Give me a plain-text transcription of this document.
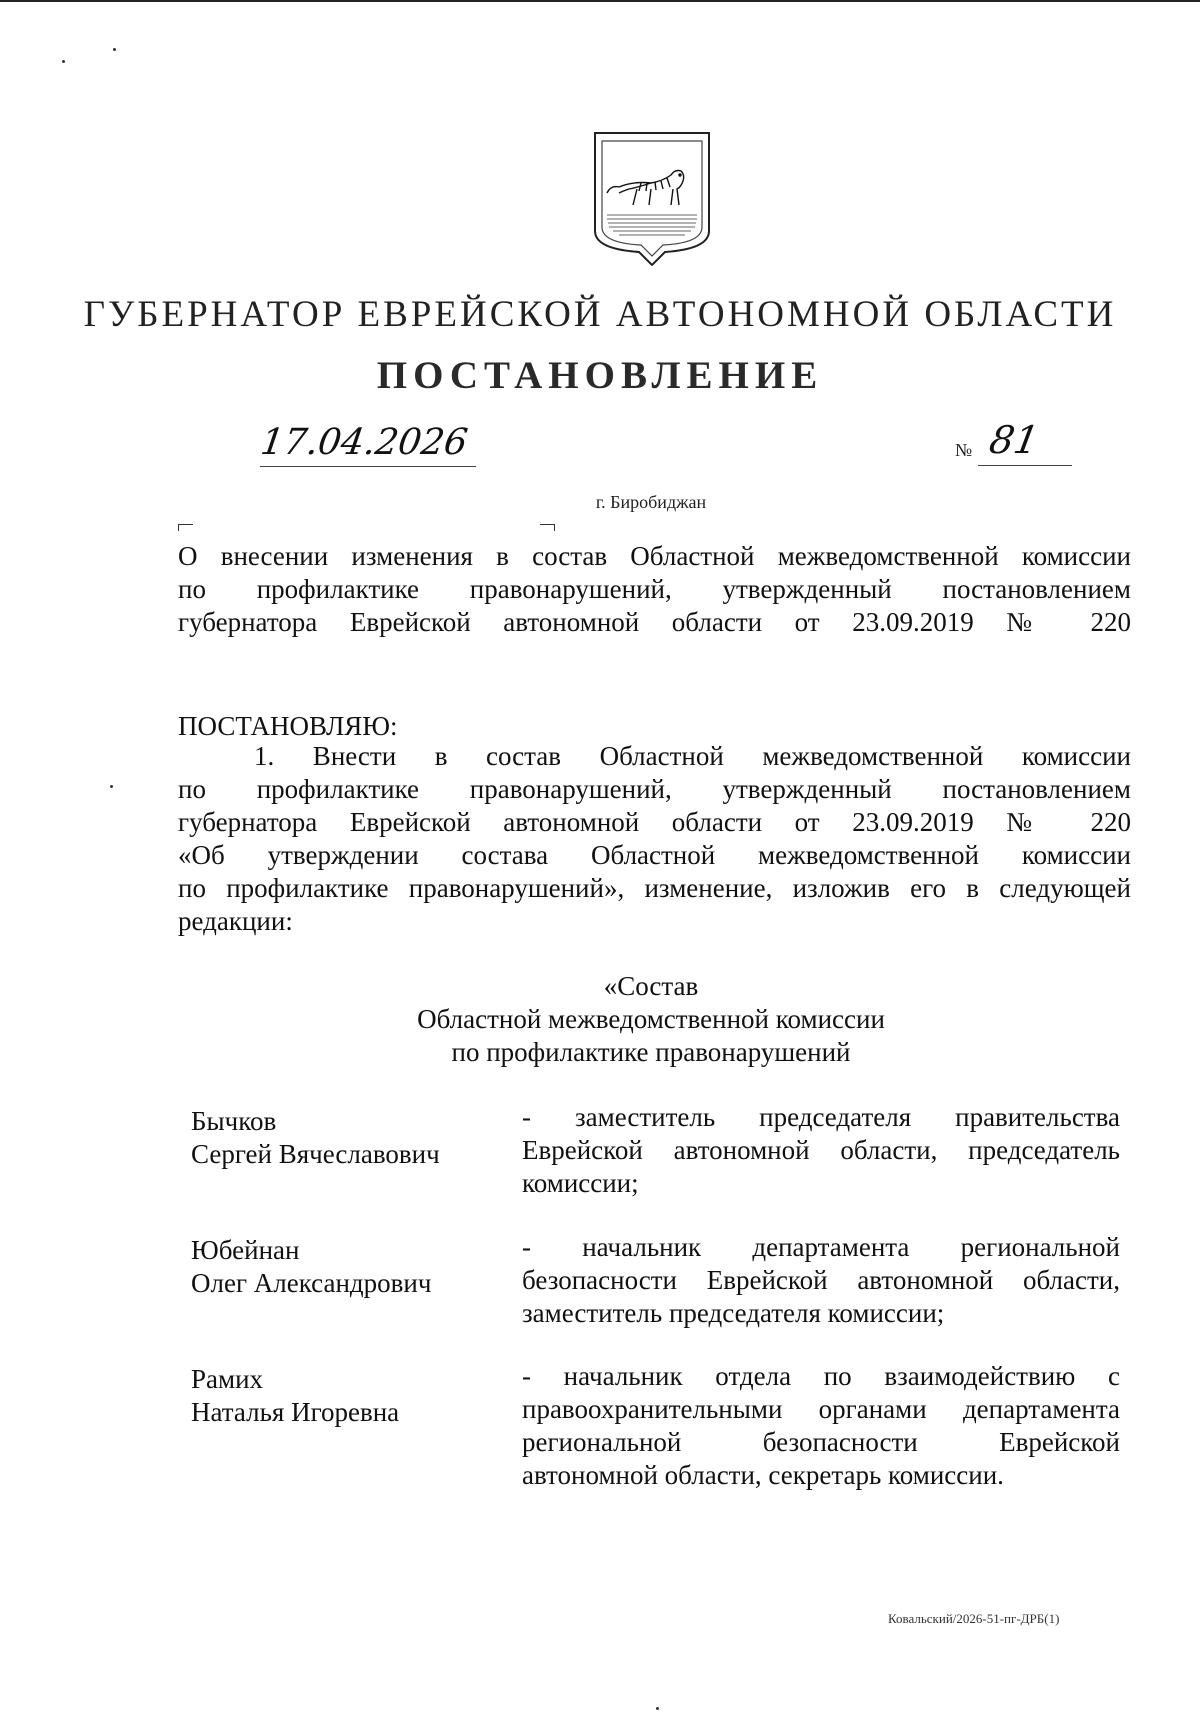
ГУБЕРНАТОР ЕВРЕЙСКОЙ АВТОНОМНОЙ ОБЛАСТИ
ПОСТАНОВЛЕНИЕ
17.04.2026	№ 81
г. Биробиджан
О внесении изменения в состав Областной межведомственной комиссии
по профилактике правонарушений, утвержденный постановлением
губернатора Еврейской автономной области от 23.09.2019 № 220
ПОСТАНОВЛЯЮ:
1. Внести в состав Областной межведомственной комиссии
по профилактике правонарушений, утвержденный постановлением
губернатора Еврейской автономной области от 23.09.2019 № 220
«Об утверждении состава Областной межведомственной комиссии
по профилактике правонарушений», изменение, изложив его в следующей
редакции:
«Состав
Областной межведомственной комиссии
по профилактике правонарушений
Бычков
Сергей Вячеславович
- заместитель председателя правительства
Еврейской автономной области, председатель
комиссии;
Юбейнан
Олег Александрович
- начальник департамента региональной
безопасности Еврейской автономной области,
заместитель председателя комиссии;
Рамих
Наталья Игоревна
- начальник отдела по взаимодействию с
правоохранительными органами департамента
региональной безопасности Еврейской
автономной области, секретарь комиссии.
Ковальский/2026-51-пг-ДРБ(1)
